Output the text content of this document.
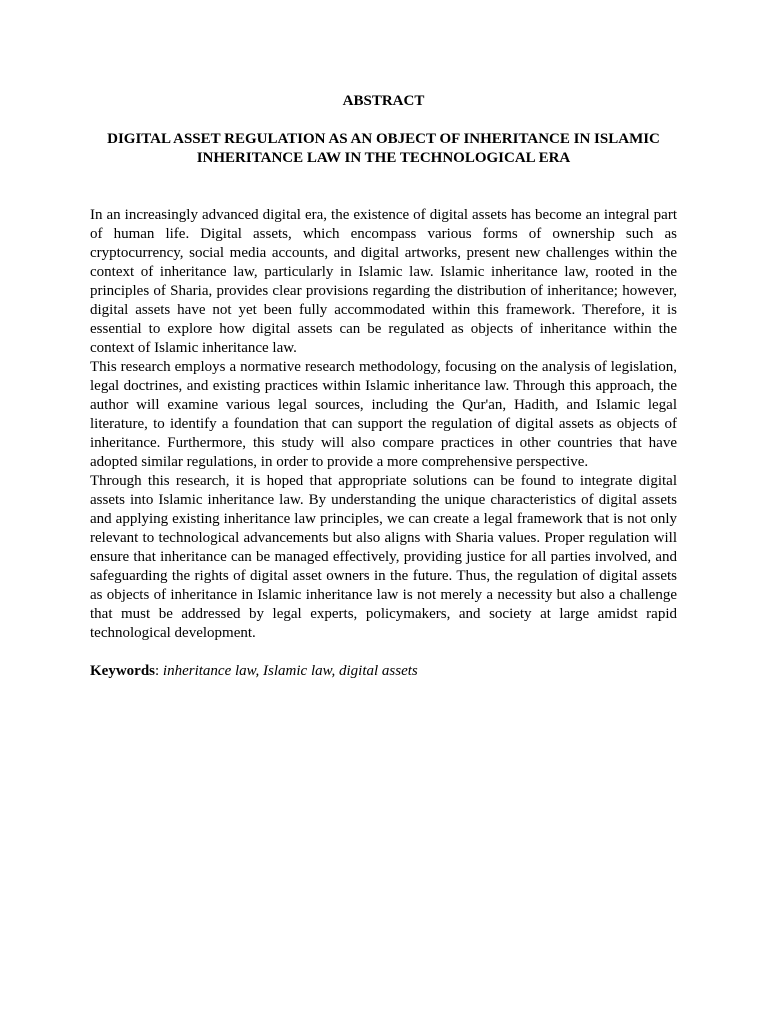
ABSTRACT
DIGITAL ASSET REGULATION AS AN OBJECT OF INHERITANCE IN ISLAMIC
INHERITANCE LAW IN THE TECHNOLOGICAL ERA

In an increasingly advanced digital era, the existence of digital assets has become an integral part of human life. Digital assets, which encompass various forms of ownership such as cryptocurrency, social media accounts, and digital artworks, present new challenges within the context of inheritance law, particularly in Islamic law. Islamic inheritance law, rooted in the principles of Sharia, provides clear provisions regarding the distribution of inheritance; however, digital assets have not yet been fully accommodated within this framework. Therefore, it is essential to explore how digital assets can be regulated as objects of inheritance within the context of Islamic inheritance law.

This research employs a normative research methodology, focusing on the analysis of legislation, legal doctrines, and existing practices within Islamic inheritance law. Through this approach, the author will examine various legal sources, including the Qur'an, Hadith, and Islamic legal literature, to identify a foundation that can support the regulation of digital assets as objects of inheritance. Furthermore, this study will also compare practices in other countries that have adopted similar regulations, in order to provide a more comprehensive perspective.

Through this research, it is hoped that appropriate solutions can be found to integrate digital assets into Islamic inheritance law. By understanding the unique characteristics of digital assets and applying existing inheritance law principles, we can create a legal framework that is not only relevant to technological advancements but also aligns with Sharia values. Proper regulation will ensure that inheritance can be managed effectively, providing justice for all parties involved, and safeguarding the rights of digital asset owners in the future. Thus, the regulation of digital assets as objects of inheritance in Islamic inheritance law is not merely a necessity but also a challenge that must be addressed by legal experts, policymakers, and society at large amidst rapid technological development.

Keywords: inheritance law, Islamic law, digital assets
